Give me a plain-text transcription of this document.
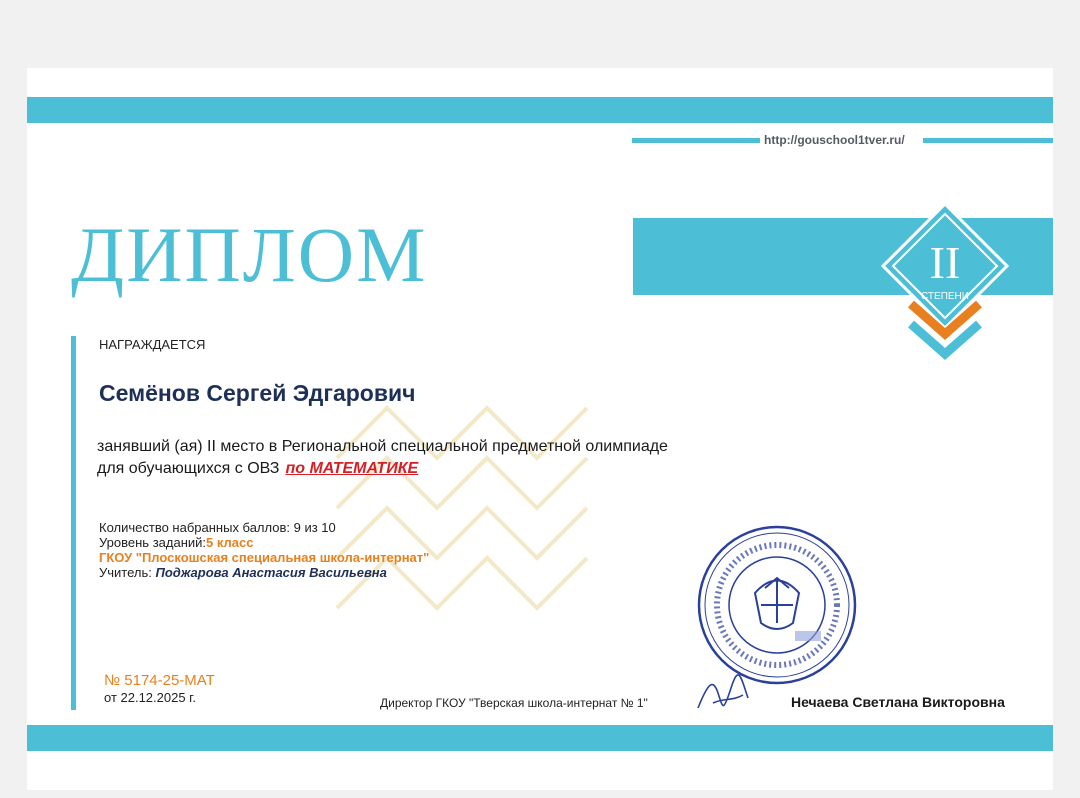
http://gouschool1tver.ru/
ДИПЛОМ	II
СТЕПЕНИ
НАГРАЖДАЕТСЯ
Семёнов Сергей Эдгарович
занявший (ая) II место в Региональной специальной предметной олимпиаде
для обучающихся с ОВЗ по МАТЕМАТИКЕ
Количество набранных баллов: 9 из 10
Уровень заданий:5 класс
ГКОУ "Плоскошская специальная школа-интернат"
Учитель: Поджарова Анастасия Васильевна
№ 5174-25-МАТ
от 22.12.2025 г.	Директор ГКОУ "Тверская школа-интернат № 1"	Нечаева Светлана Викторовна
